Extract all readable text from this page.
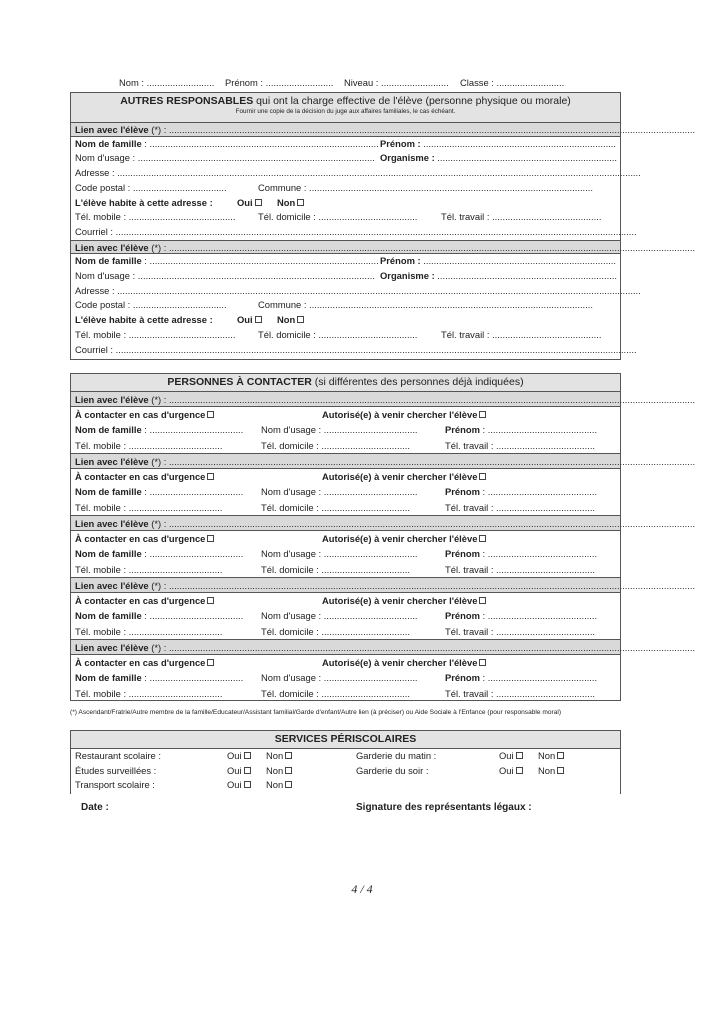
Nom : .......................... Prénom : .......................... Niveau : .......................... Classe : ..........................
AUTRES RESPONSABLES qui ont la charge effective de l'élève (personne physique ou morale)
Fournir une copie de la décision du juge aux affaires familiales, le cas échéant.
Lien avec l'élève (*) : ..........................................................................................................................................................................................................
Nom de famille : ........................................................................................ Prénom : ..........................................................................
Nom d'usage : ........................................................................................... Organisme : .....................................................................
Adresse : .........................................................................................................................................................................................................
Code postal : ....................................	Commune : .............................................................................................................
L'élève habite à cette adresse :	Oui	Non
Tél. mobile : ......................................... Tél. domicile : ......................................	Tél. travail : ..........................................
Courriel : ........................................................................................................................................................................................................
Lien avec l'élève (*) : ..........................................................................................................................................................................................................
Nom de famille : ........................................................................................ Prénom : ..........................................................................
Nom d'usage : ........................................................................................... Organisme : .....................................................................
Adresse : .........................................................................................................................................................................................................
Code postal : ....................................	Commune : .............................................................................................................
L'élève habite à cette adresse :	Oui	Non
Tél. mobile : ......................................... Tél. domicile : ......................................	Tél. travail : ..........................................
Courriel : ........................................................................................................................................................................................................
PERSONNES À CONTACTER (si différentes des personnes déjà indiquées)
Lien avec l'élève (*) : ..........................................................................................................................................................................................................
À contacter en cas d'urgence	Autorisé(e) à venir chercher l'élève
Nom de famille : .................................... Nom d'usage : ....................................	Prénom : ..........................................
Tél. mobile : ....................................	Tél. domicile : ..................................	Tél. travail : ......................................
Lien avec l'élève (*) : ..........................................................................................................................................................................................................
À contacter en cas d'urgence	Autorisé(e) à venir chercher l'élève
Nom de famille : .................................... Nom d'usage : ....................................	Prénom : ..........................................
Tél. mobile : ....................................	Tél. domicile : ..................................	Tél. travail : ......................................
Lien avec l'élève (*) : ..........................................................................................................................................................................................................
À contacter en cas d'urgence	Autorisé(e) à venir chercher l'élève
Nom de famille : .................................... Nom d'usage : ....................................	Prénom : ..........................................
Tél. mobile : ....................................	Tél. domicile : ..................................	Tél. travail : ......................................
Lien avec l'élève (*) : ..........................................................................................................................................................................................................
À contacter en cas d'urgence	Autorisé(e) à venir chercher l'élève
Nom de famille : .................................... Nom d'usage : ....................................	Prénom : ..........................................
Tél. mobile : ....................................	Tél. domicile : ..................................	Tél. travail : ......................................
Lien avec l'élève (*) : ..........................................................................................................................................................................................................
À contacter en cas d'urgence	Autorisé(e) à venir chercher l'élève
Nom de famille : .................................... Nom d'usage : ....................................	Prénom : ..........................................
Tél. mobile : ....................................	Tél. domicile : ..................................	Tél. travail : ......................................
(*) Ascendant/Fratrie/Autre membre de la famille/Educateur/Assistant familial/Garde d'enfant/Autre lien (à préciser) ou Aide Sociale à l'Enfance (pour responsable moral)
SERVICES PÉRISCOLAIRES
Restaurant scolaire :	Oui	Non	Garderie du matin :	Oui	Non
Études surveillées :	Oui	Non	Garderie du soir :	Oui	Non
Transport scolaire :	Oui	Non
Date :	Signature des représentants légaux :
4 / 4
